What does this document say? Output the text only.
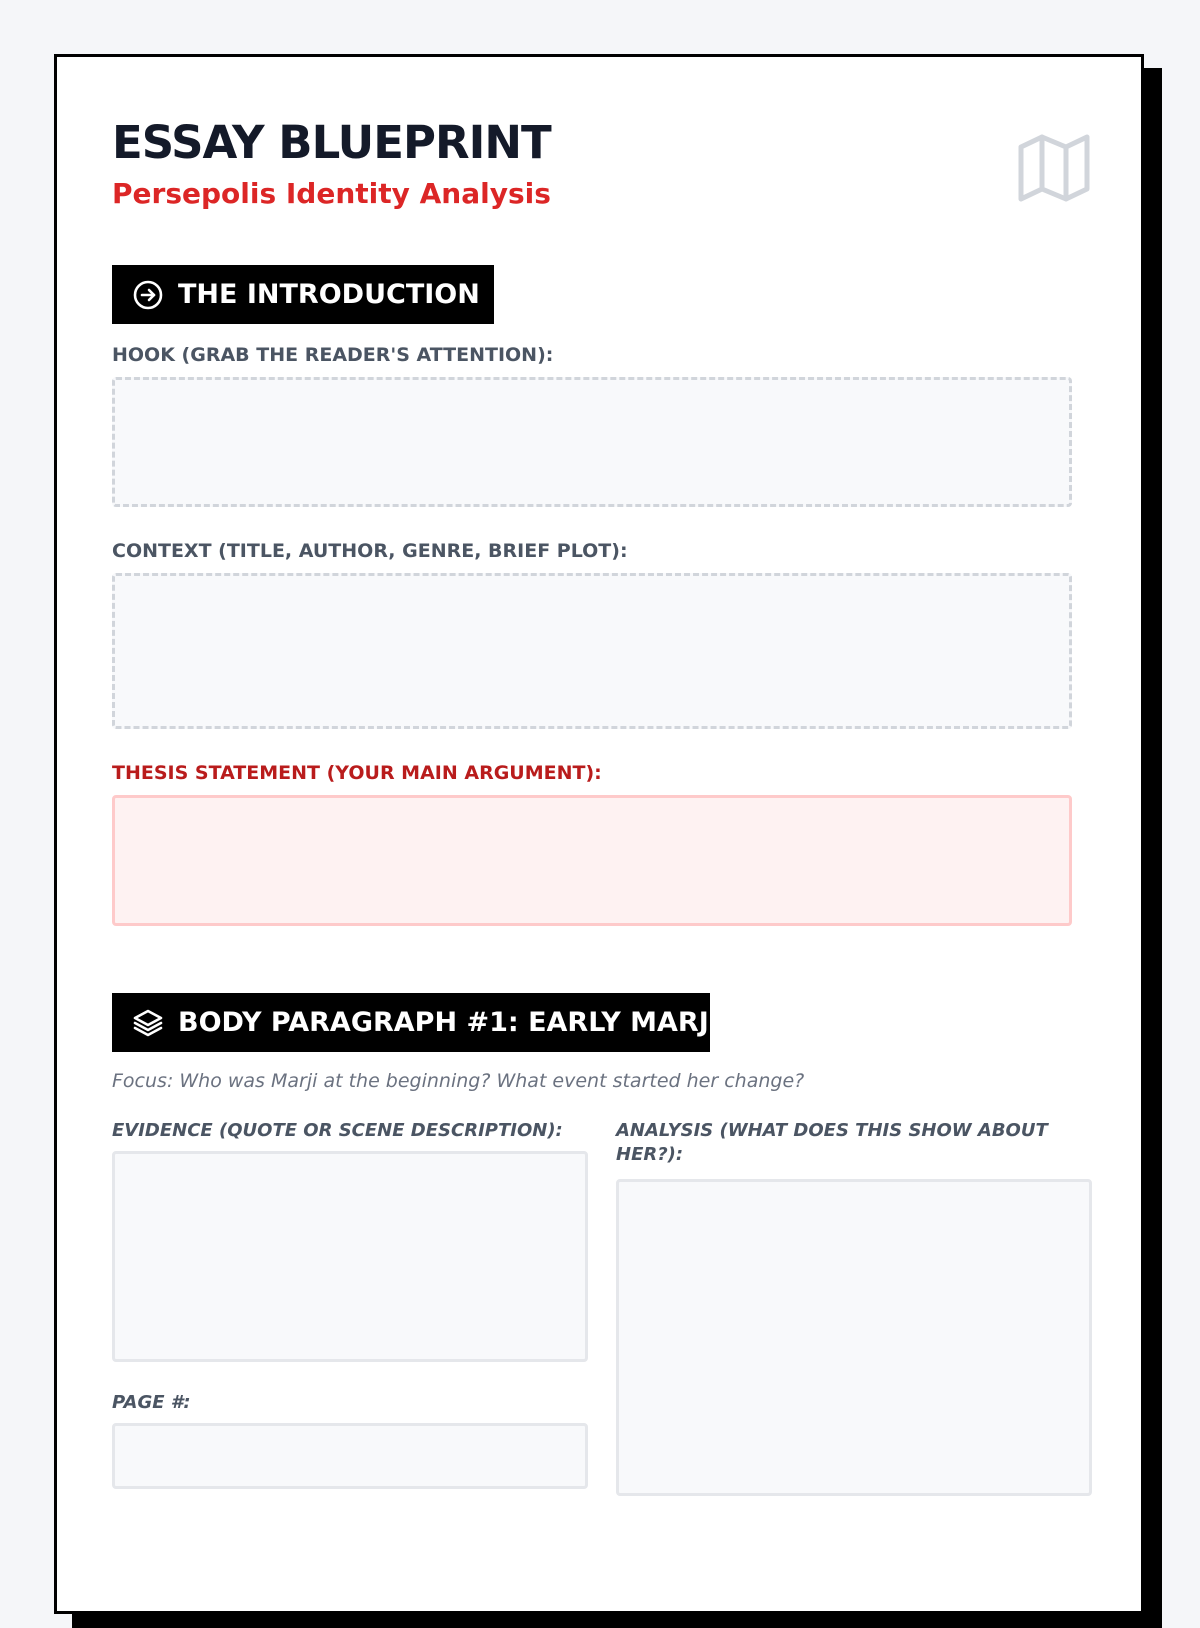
ESSAY BLUEPRINT
Persepolis Identity Analysis
THE INTRODUCTION
HOOK (GRAB THE READER'S ATTENTION):
CONTEXT (TITLE, AUTHOR, GENRE, BRIEF PLOT):
THESIS STATEMENT (YOUR MAIN ARGUMENT):
BODY PARAGRAPH #1: EARLY MARJI
Focus: Who was Marji at the beginning? What event started her change?
EVIDENCE (QUOTE OR SCENE DESCRIPTION):	ANALYSIS (WHAT DOES THIS SHOW ABOUT HER?):
PAGE #:
